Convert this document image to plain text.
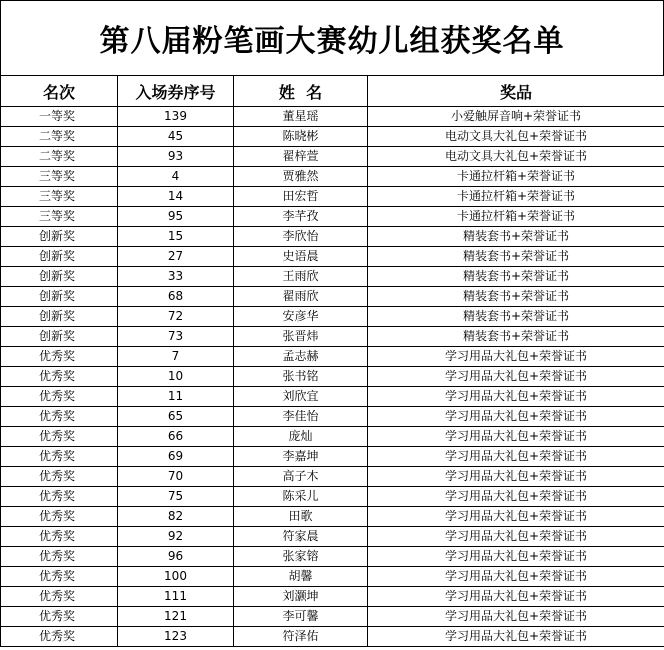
第八届粉笔画大赛幼儿组获奖名单
名次	入场券序号	姓  名	奖品
一等奖	139	董星瑶	小爱触屏音响+荣誉证书
二等奖	45	陈晓彬	电动文具大礼包+荣誉证书
二等奖	93	翟梓萱	电动文具大礼包+荣誉证书
三等奖	4	贾雅然	卡通拉杆箱+荣誉证书
三等奖	14	田宏哲	卡通拉杆箱+荣誉证书
三等奖	95	李芊孜	卡通拉杆箱+荣誉证书
创新奖	15	李欣怡	精装套书+荣誉证书
创新奖	27	史语晨	精装套书+荣誉证书
创新奖	33	王雨欣	精装套书+荣誉证书
创新奖	68	翟雨欣	精装套书+荣誉证书
创新奖	72	安彦华	精装套书+荣誉证书
创新奖	73	张晋炜	精装套书+荣誉证书
优秀奖	7	孟志赫	学习用品大礼包+荣誉证书
优秀奖	10	张书铭	学习用品大礼包+荣誉证书
优秀奖	11	刘欣宜	学习用品大礼包+荣誉证书
优秀奖	65	李佳怡	学习用品大礼包+荣誉证书
优秀奖	66	庞灿	学习用品大礼包+荣誉证书
优秀奖	69	李嘉坤	学习用品大礼包+荣誉证书
优秀奖	70	高子木	学习用品大礼包+荣誉证书
优秀奖	75	陈采儿	学习用品大礼包+荣誉证书
优秀奖	82	田歌	学习用品大礼包+荣誉证书
优秀奖	92	符家晨	学习用品大礼包+荣誉证书
优秀奖	96	张家镕	学习用品大礼包+荣誉证书
优秀奖	100	胡馨	学习用品大礼包+荣誉证书
优秀奖	111	刘灏坤	学习用品大礼包+荣誉证书
优秀奖	121	李可馨	学习用品大礼包+荣誉证书
优秀奖	123	符泽佑	学习用品大礼包+荣誉证书
